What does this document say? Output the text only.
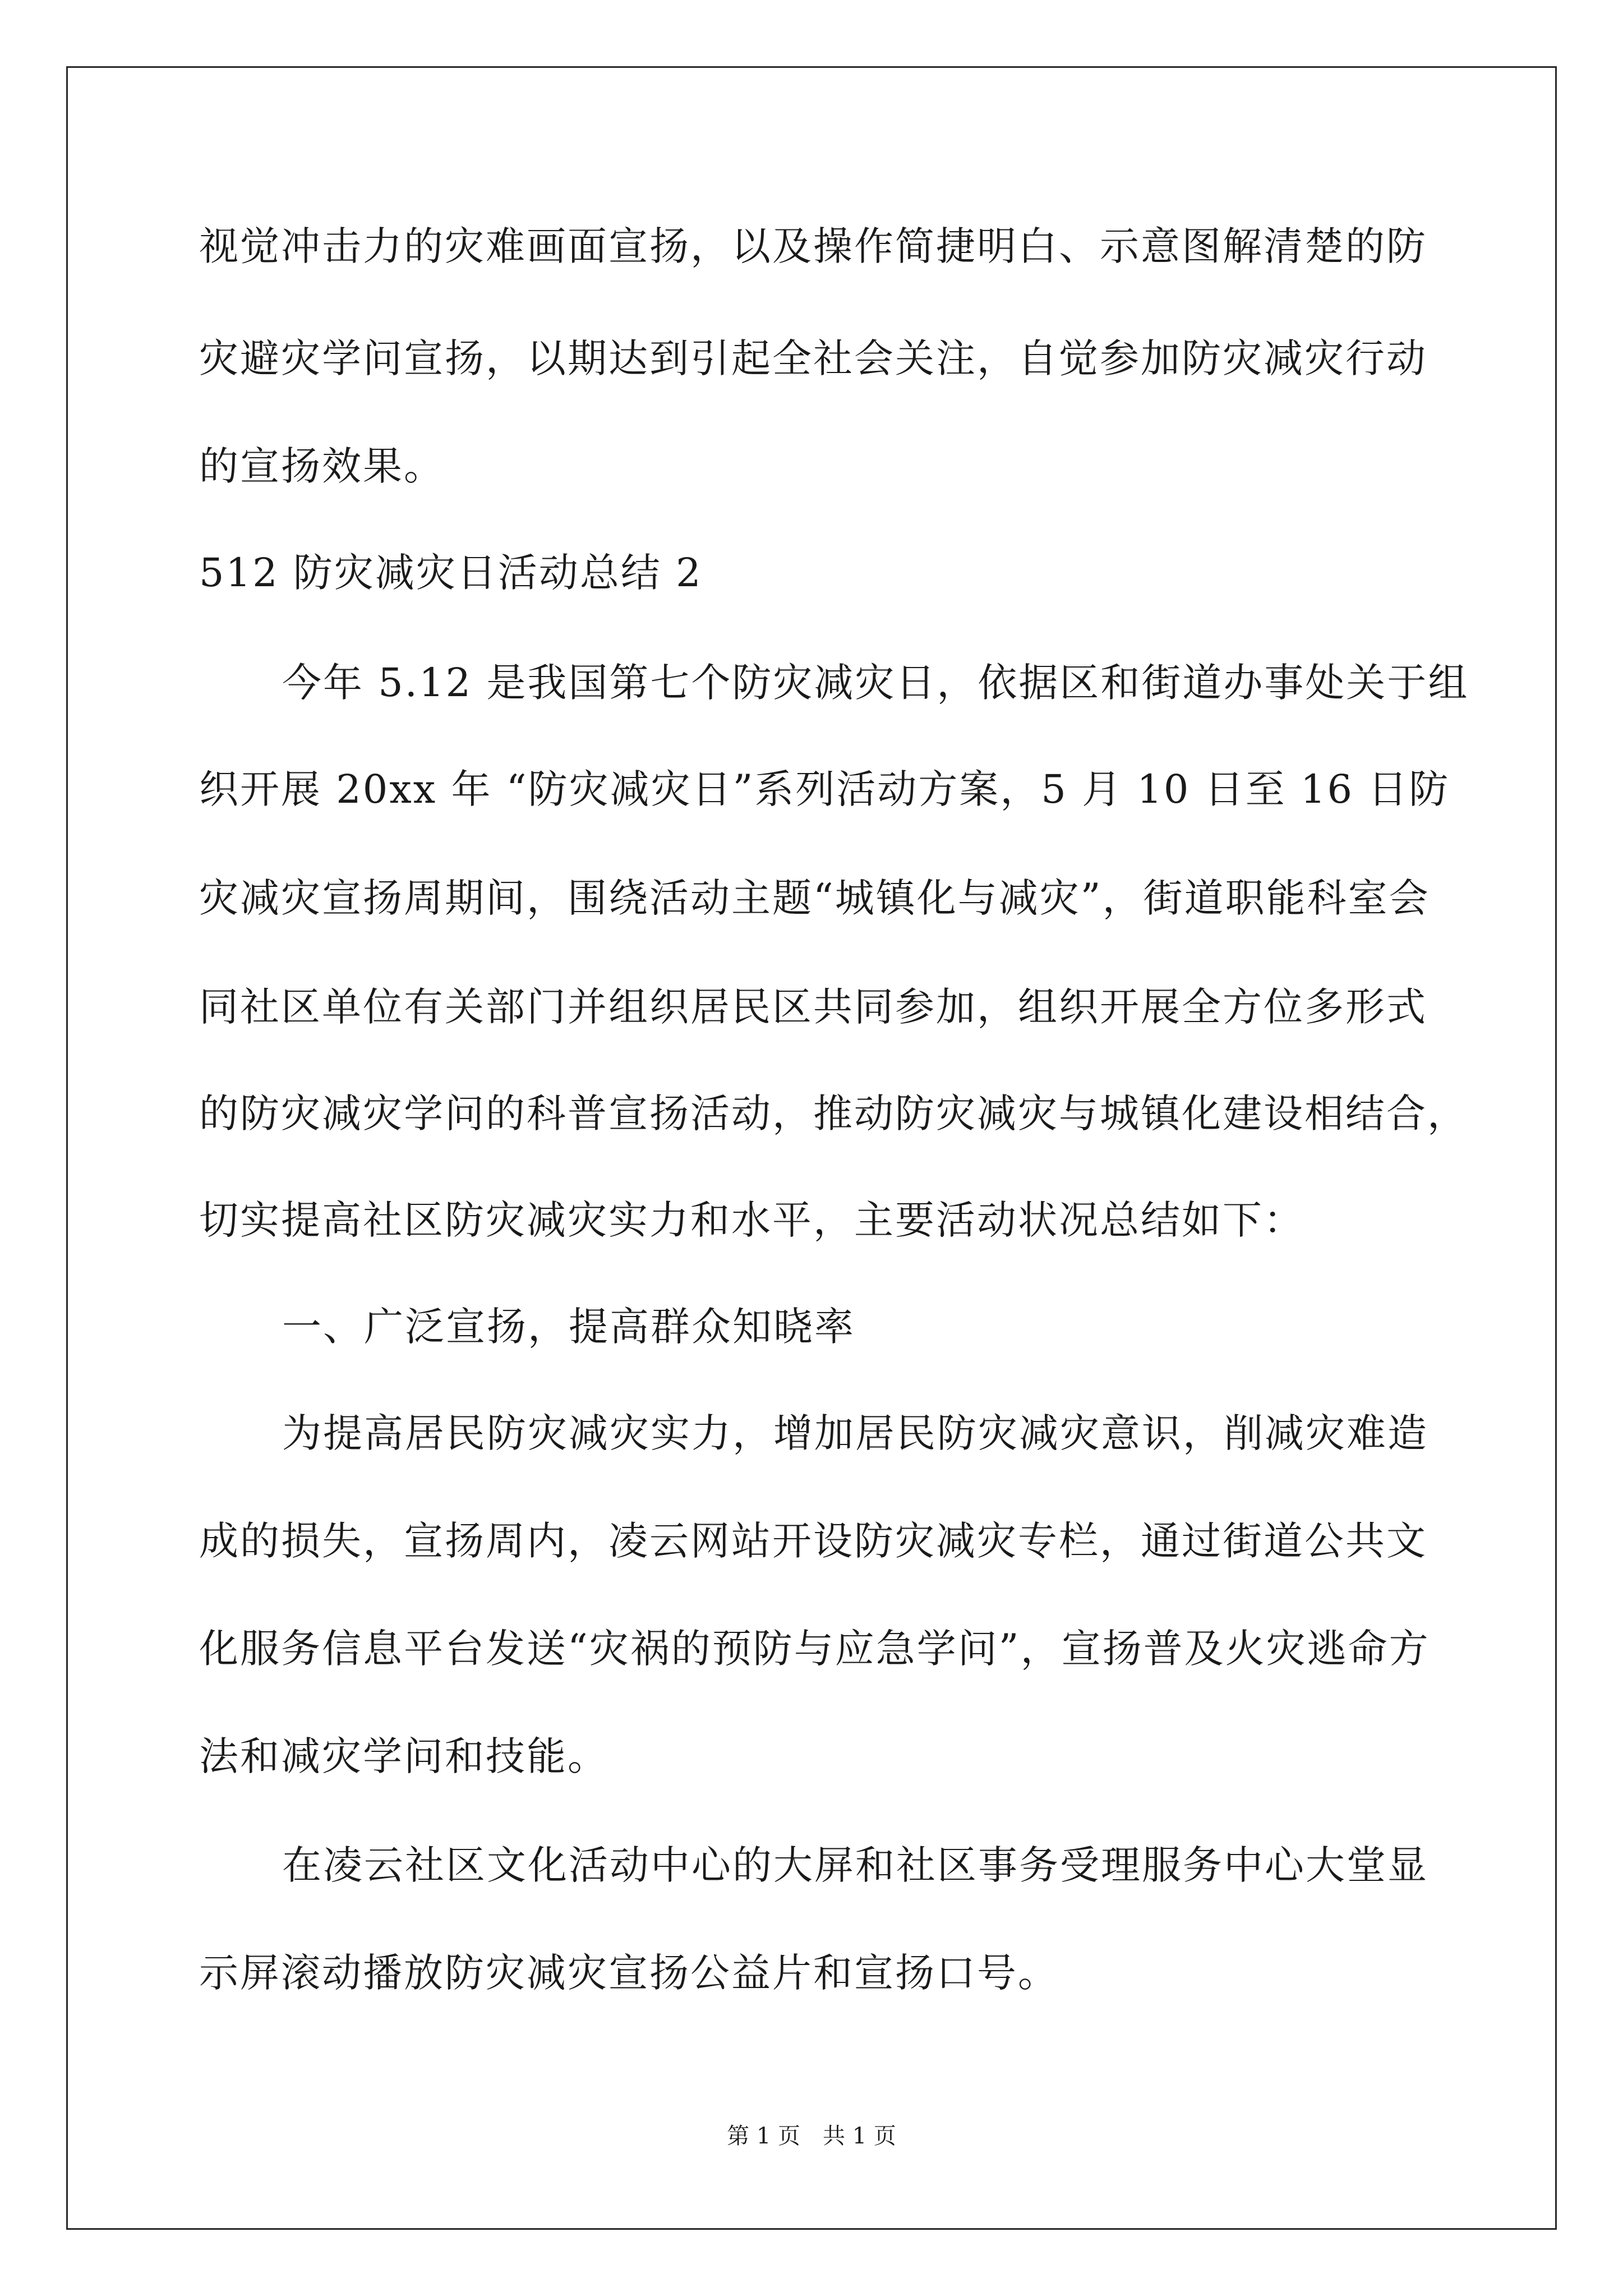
视觉冲击力的灾难画面宣扬，以及操作简捷明白、示意图解清楚的防
灾避灾学问宣扬，以期达到引起全社会关注，自觉参加防灾减灾行动
的宣扬效果。
512 防灾减灾日活动总结 2
今年 5.12 是我国第七个防灾减灾日，依据区和街道办事处关于组
织开展 20xx 年 “防灾减灾日”系列活动方案，5 月 10 日至 16 日防
灾减灾宣扬周期间，围绕活动主题“城镇化与减灾”，街道职能科室会
同社区单位有关部门并组织居民区共同参加，组织开展全方位多形式
的防灾减灾学问的科普宣扬活动，推动防灾减灾与城镇化建设相结合，
切实提高社区防灾减灾实力和水平，主要活动状况总结如下：
一、广泛宣扬，提高群众知晓率
为提高居民防灾减灾实力，增加居民防灾减灾意识，削减灾难造
成的损失，宣扬周内，凌云网站开设防灾减灾专栏，通过街道公共文
化服务信息平台发送“灾祸的预防与应急学问”，宣扬普及火灾逃命方
法和减灾学问和技能。
在凌云社区文化活动中心的大屏和社区事务受理服务中心大堂显
示屏滚动播放防灾减灾宣扬公益片和宣扬口号。
第 1 页 共 1 页
